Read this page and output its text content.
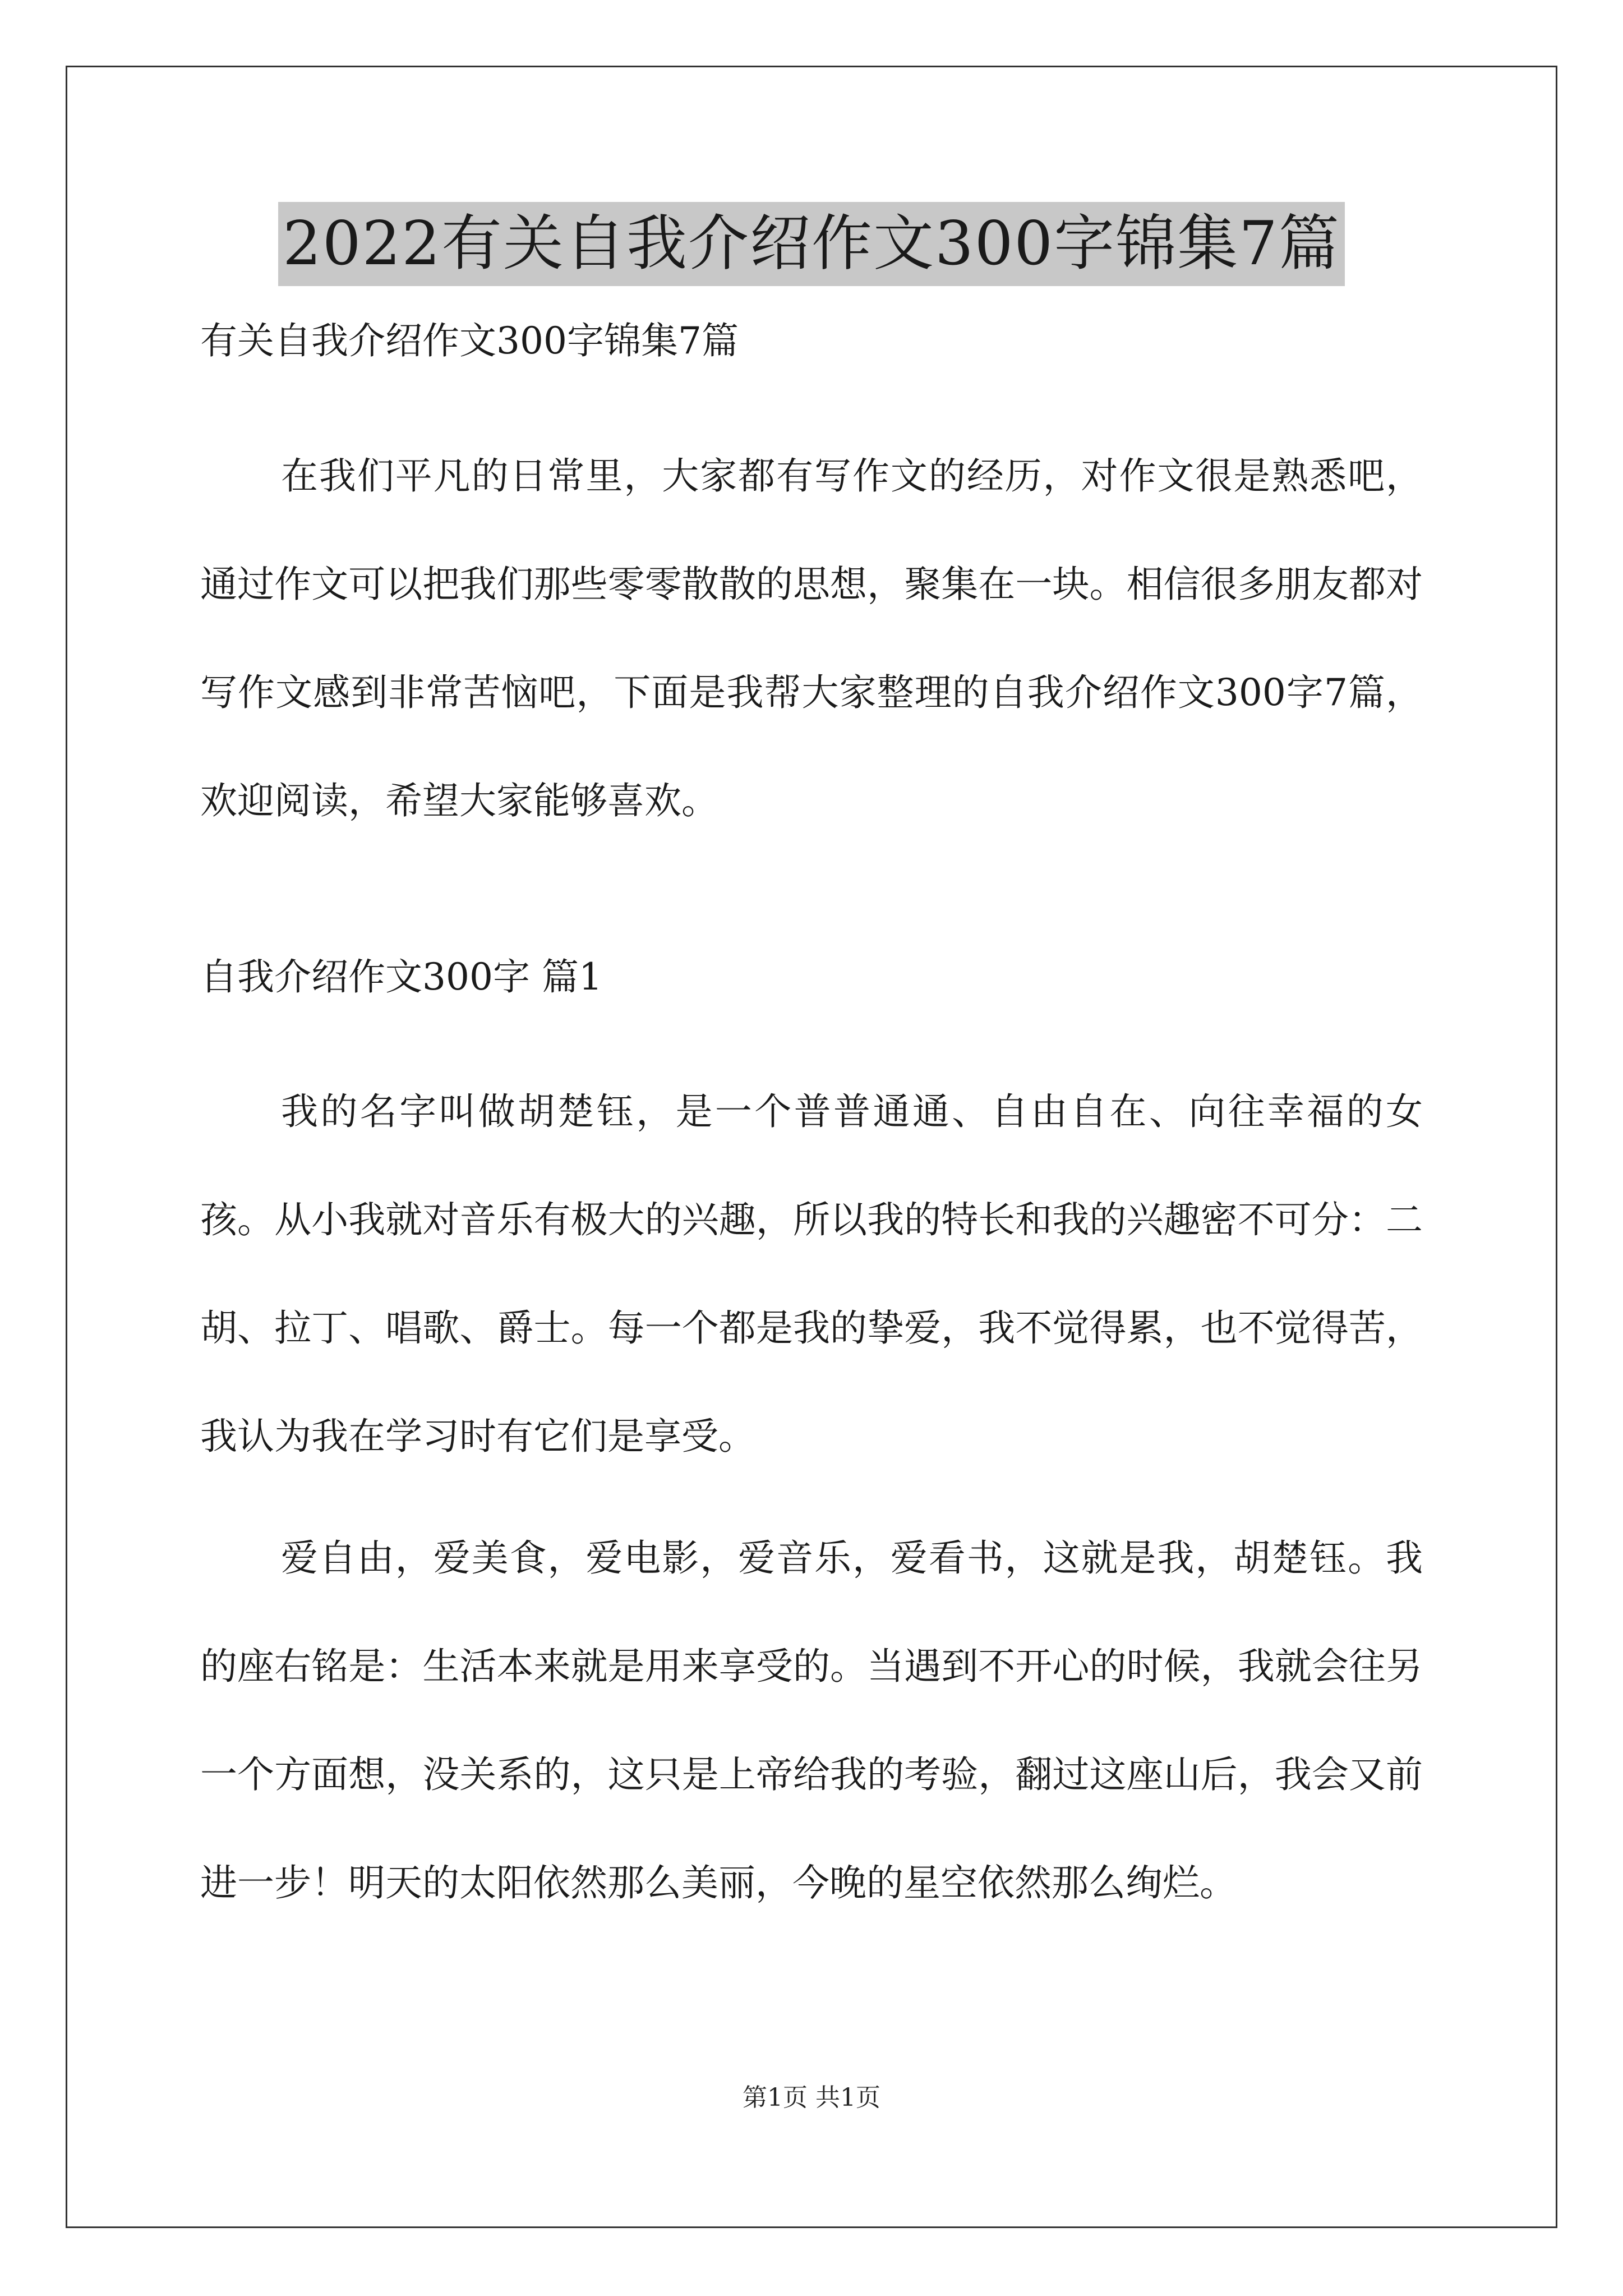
2022有关自我介绍作文300字锦集7篇

有关自我介绍作文300字锦集7篇

在我们平凡的日常里，大家都有写作文的经历，对作文很是熟悉吧，通过作文可以把我们那些零零散散的思想，聚集在一块。相信很多朋友都对写作文感到非常苦恼吧，下面是我帮大家整理的自我介绍作文300字7篇，欢迎阅读，希望大家能够喜欢。

自我介绍作文300字 篇1

我的名字叫做胡楚钰，是一个普普通通、自由自在、向往幸福的女孩。从小我就对音乐有极大的兴趣，所以我的特长和我的兴趣密不可分：二胡、拉丁、唱歌、爵士。每一个都是我的挚爱，我不觉得累，也不觉得苦，我认为我在学习时有它们是享受。

爱自由，爱美食，爱电影，爱音乐，爱看书，这就是我，胡楚钰。我的座右铭是：生活本来就是用来享受的。当遇到不开心的时候，我就会往另一个方面想，没关系的，这只是上帝给我的考验，翻过这座山后，我会又前进一步！明天的太阳依然那么美丽，今晚的星空依然那么绚烂。

第1页 共1页
